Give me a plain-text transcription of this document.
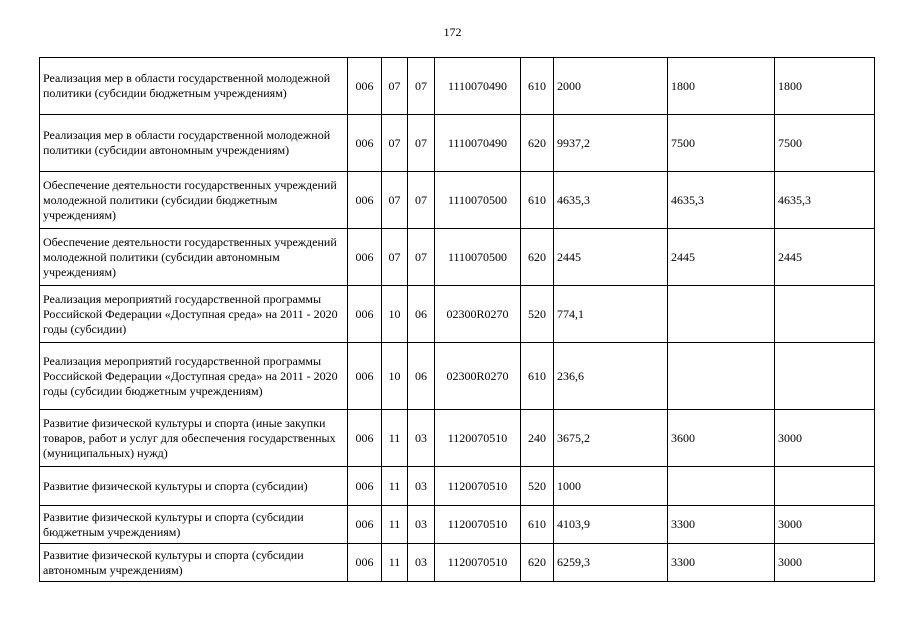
172
Реализация мер в области государственной молодежной политики (субсидии бюджетным учреждениям)	006	07	07	1110070490	610	2000	1800	1800
Реализация мер в области государственной молодежной политики (субсидии автономным учреждениям)	006	07	07	1110070490	620	9937,2	7500	7500
Обеспечение деятельности государственных учреждений молодежной политики (субсидии бюджетным учреждениям)	006	07	07	1110070500	610	4635,3	4635,3	4635,3
Обеспечение деятельности государственных учреждений молодежной политики (субсидии автономным учреждениям)	006	07	07	1110070500	620	2445	2445	2445
Реализация мероприятий государственной программы Российской Федерации «Доступная среда» на 2011 - 2020 годы (субсидии)	006	10	06	02300R0270	520	774,1		
Реализация мероприятий государственной программы Российской Федерации «Доступная среда» на 2011 - 2020 годы (субсидии бюджетным учреждениям)	006	10	06	02300R0270	610	236,6		
Развитие физической культуры и спорта (иные закупки товаров, работ и услуг для обеспечения государственных (муниципальных) нужд)	006	11	03	1120070510	240	3675,2	3600	3000
Развитие физической культуры и спорта (субсидии)	006	11	03	1120070510	520	1000		
Развитие физической культуры и спорта (субсидии бюджетным учреждениям)	006	11	03	1120070510	610	4103,9	3300	3000
Развитие физической культуры и спорта (субсидии автономным учреждениям)	006	11	03	1120070510	620	6259,3	3300	3000
